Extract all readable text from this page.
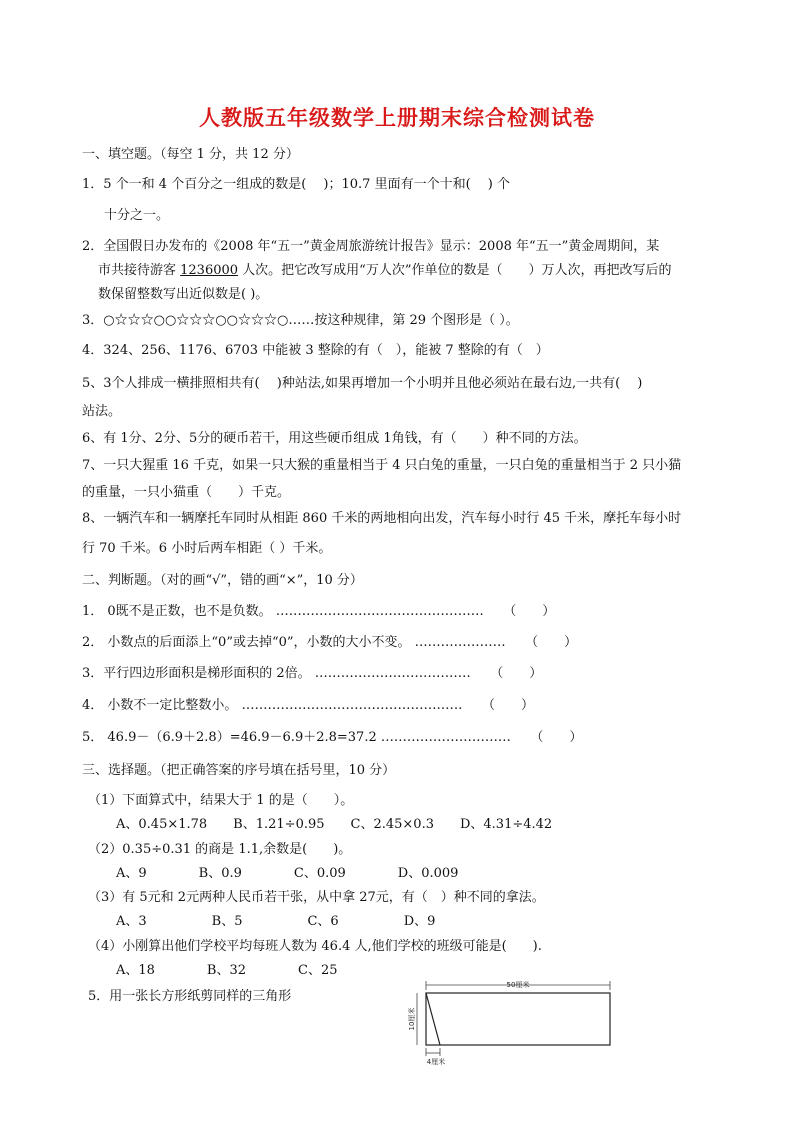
人教版五年级数学上册期末综合检测试卷
一、填空题。（每空 1 分，共 12 分）
1．5 个一和 4 个百分之一组成的数是(　 )；10.7 里面有一个十和(　 ) 个
十分之一。
2．全国假日办发布的《2008 年“五一”黄金周旅游统计报告》显示：2008 年“五一”黄金周期间，某
市共接待游客 1236000 人次。把它改写成用“万人次”作单位的数是（　　）万人次，再把改写后的
数保留整数写出近似数是( )。
3．○☆☆☆○○☆☆☆○○☆☆☆○……按这种规律，第 29 个图形是（ ）。
4．324、256、1176、6703 中能被 3 整除的有（　），能被 7 整除的有（　）
5、3个人排成一横排照相共有(　 )种站法,如果再增加一个小明并且他必须站在最右边,一共有(　 )
站法。
6、有 1分、2分、5分的硬币若干，用这些硬币组成 1角钱，有（　　）种不同的方法。
7、一只大猩重 16 千克，如果一只大猴的重量相当于 4 只白兔的重量，一只白兔的重量相当于 2 只小猫
的重量，一只小猫重（　　）千克。
8、一辆汽车和一辆摩托车同时从相距 860 千米的两地相向出发，汽车每小时行 45 千米，摩托车每小时
行 70 千米。6 小时后两车相距（ ）千米。
二、判断题。（对的画“√”，错的画“×”，10 分）
1． 0既不是正数，也不是负数。 …………………………………………　　（　　）
2． 小数点的后面添上“0”或去掉“0”，小数的大小不变。 …………………　　（　　）
3．平行四边形面积是梯形面积的 2倍。 ………………………………　　（　　）
4． 小数不一定比整数小。 ……………………………………………　　（　　）
5． 46.9－（6.9＋2.8）=46.9－6.9＋2.8=37.2 …………………………　　（　　）
三、选择题。（把正确答案的序号填在括号里，10 分）
（1）下面算式中，结果大于 1 的是（　　）。
A、0.45×1.78　　B、1.21÷0.95　　C、2.45×0.3　　D、4.31÷4.42
（2）0.35÷0.31 的商是 1.1,余数是(　　)。
A、9　　　　B、0.9　　　　C、0.09　　　　D、0.009
（3）有 5元和 2元两种人民币若干张，从中拿 27元，有（　）种不同的拿法。
A、3　　　　　B、5　　　　　C、6　　　　　D、9
（4）小刚算出他们学校平均每班人数为 46.4 人,他们学校的班级可能是(　　).
A、18　　　　B、32　　　　C、25
5．用一张长方形纸剪同样的三角形
50厘米
10厘米
4厘米
